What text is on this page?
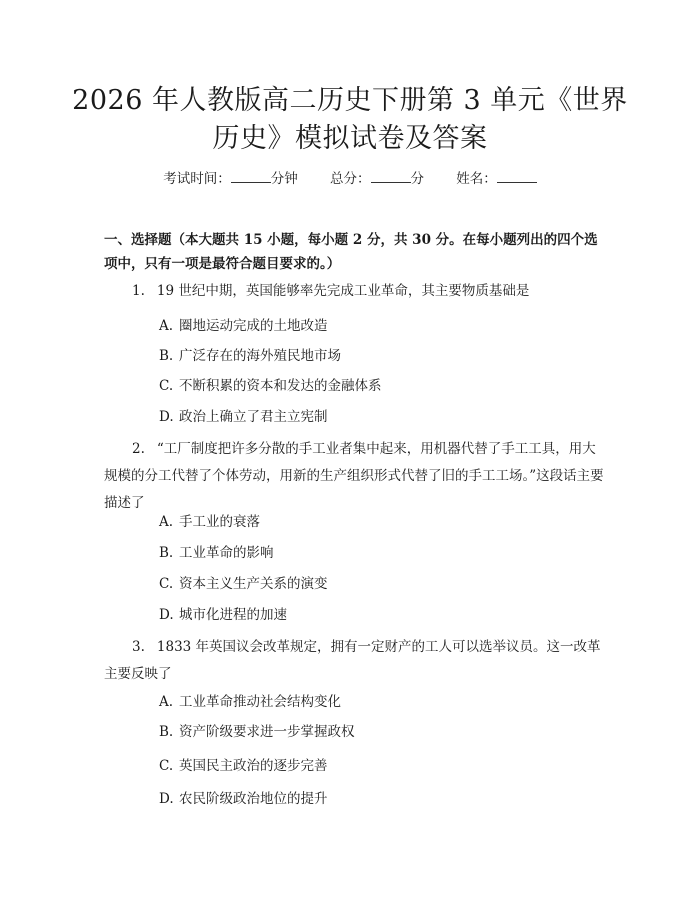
2026 年人教版高二历史下册第 3 单元《世界
历史》模拟试卷及答案
考试时间：	分钟 总分：	分 姓名：
一、选择题（本大题共 15 小题，每小题 2 分，共 30 分。在每小题列出的四个选项中，只有一项是最符合题目要求的。）
1. 19 世纪中期，英国能够率先完成工业革命，其主要物质基础是
A. 圈地运动完成的土地改造
B. 广泛存在的海外殖民地市场
C. 不断积累的资本和发达的金融体系
D. 政治上确立了君主立宪制
2. “工厂制度把许多分散的手工业者集中起来，用机器代替了手工工具，用大规模的分工代替了个体劳动，用新的生产组织形式代替了旧的手工工场。”这段话主要描述了
A. 手工业的衰落
B. 工业革命的影响
C. 资本主义生产关系的演变
D. 城市化进程的加速
3. 1833 年英国议会改革规定，拥有一定财产的工人可以选举议员。这一改革主要反映了
A. 工业革命推动社会结构变化
B. 资产阶级要求进一步掌握政权
C. 英国民主政治的逐步完善
D. 农民阶级政治地位的提升
